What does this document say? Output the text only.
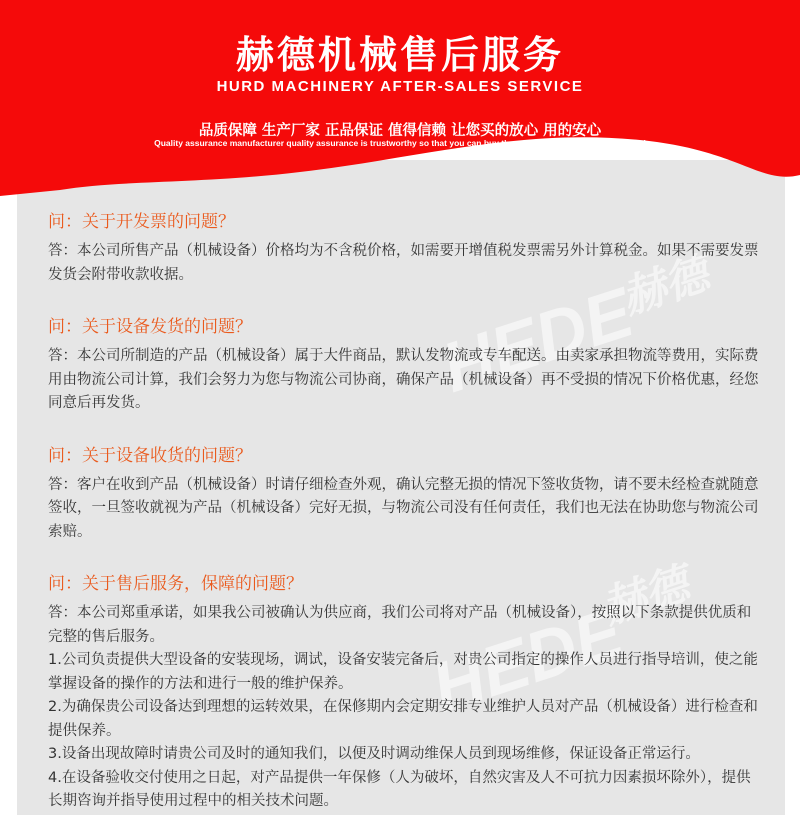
赫德机械售后服务
HURD MACHINERY AFTER-SALES SERVICE
品质保障 生产厂家 正品保证 值得信赖 让您买的放心 用的安心
Quality assurance manufacturer quality assurance is trustworthy so that you can buy the rest assured with peace of mind
HEDE
赫德
HEDE
赫德
问：关于开发票的问题？

答：本公司所售产品（机械设备）价格均为不含税价格，如需要开增值税发票需另外计算税金。如果不需要发票发货会附带收款收据。

问：关于设备发货的问题？

答：本公司所制造的产品（机械设备）属于大件商品，默认发物流或专车配送。由卖家承担物流等费用，实际费用由物流公司计算，我们会努力为您与物流公司协商，确保产品（机械设备）再不受损的情况下价格优惠，经您同意后再发货。

问：关于设备收货的问题？

答：客户在收到产品（机械设备）时请仔细检查外观，确认完整无损的情况下签收货物，请不要未经检查就随意签收，一旦签收就视为产品（机械设备）完好无损，与物流公司没有任何责任，我们也无法在协助您与物流公司索赔。

问：关于售后服务，保障的问题？

答：本公司郑重承诺，如果我公司被确认为供应商，我们公司将对产品（机械设备），按照以下条款提供优质和完整的售后服务。

1.公司负责提供大型设备的安装现场，调试，设备安装完备后，对贵公司指定的操作人员进行指导培训，使之能掌握设备的操作的方法和进行一般的维护保养。

2.为确保贵公司设备达到理想的运转效果，在保修期内会定期安排专业维护人员对产品（机械设备）进行检查和提供保养。

3.设备出现故障时请贵公司及时的通知我们，以便及时调动维保人员到现场维修，保证设备正常运行。

4.在设备验收交付使用之日起，对产品提供一年保修（人为破坏，自然灾害及人不可抗力因素损坏除外），提供长期咨询并指导使用过程中的相关技术问题。
